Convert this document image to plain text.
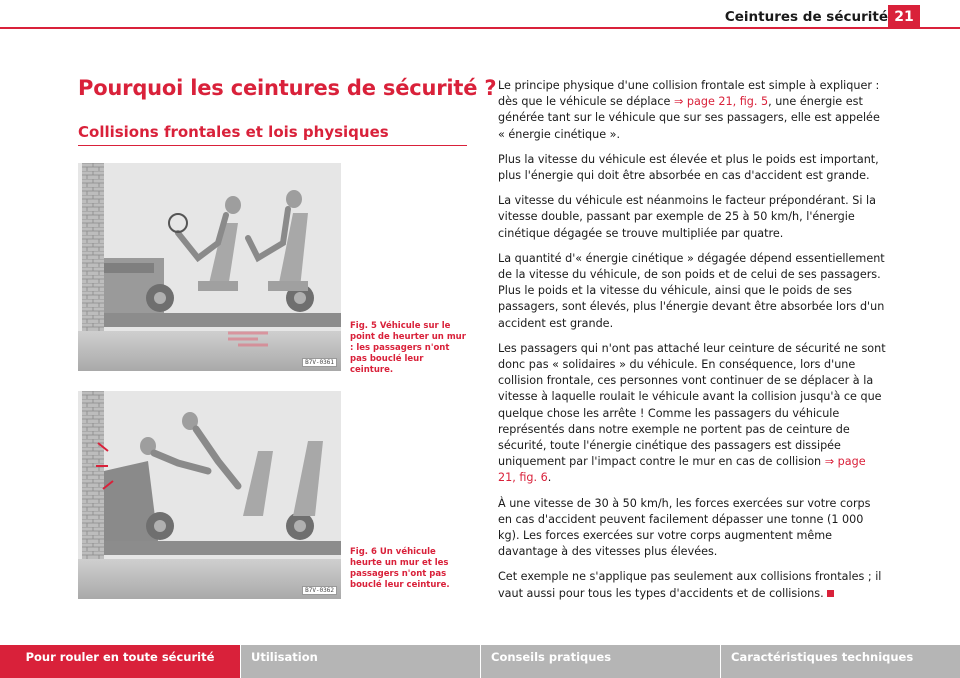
Ceintures de sécurité 21
Pourquoi les ceintures de sécurité ?
Collisions frontales et lois physiques
B7V-0361
Fig. 5 Véhicule sur le point de heurter un mur : les passagers n'ont pas bouclé leur ceinture.
B7V-0362
Fig. 6 Un véhicule heurte un mur et les passagers n'ont pas bouclé leur ceinture.

Le principe physique d'une collision frontale est simple à expliquer : dès que le véhicule se déplace ⇒ page 21, fig. 5, une énergie est générée tant sur le véhicule que sur ses passagers, elle est appelée « énergie cinétique ».

Plus la vitesse du véhicule est élevée et plus le poids est important, plus l'énergie qui doit être absorbée en cas d'accident est grande.

La vitesse du véhicule est néanmoins le facteur prépondérant. Si la vitesse double, passant par exemple de 25 à 50 km/h, l'énergie cinétique dégagée se trouve multipliée par quatre.

La quantité d'« énergie cinétique » dégagée dépend essentiellement de la vitesse du véhicule, de son poids et de celui de ses passagers. Plus le poids et la vitesse du véhicule, ainsi que le poids de ses passagers, sont élevés, plus l'énergie devant être absorbée lors d'un accident est grande.

Les passagers qui n'ont pas attaché leur ceinture de sécurité ne sont donc pas « solidaires » du véhicule. En conséquence, lors d'une collision frontale, ces personnes vont continuer de se déplacer à la vitesse à laquelle roulait le véhicule avant la collision jusqu'à ce que quelque chose les arrête ! Comme les passagers du véhicule représentés dans notre exemple ne portent pas de ceinture de sécurité, toute l'énergie cinétique des passagers est dissipée uniquement par l'impact contre le mur en cas de collision ⇒ page 21, fig. 6.

À une vitesse de 30 à 50 km/h, les forces exercées sur votre corps en cas d'accident peuvent facilement dépasser une tonne (1 000 kg). Les forces exercées sur votre corps augmentent même davantage à des vitesses plus élevées.

Cet exemple ne s'applique pas seulement aux collisions frontales ; il vaut aussi pour tous les types d'accidents et de collisions.

Pour rouler en toute sécurité	Utilisation	Conseils pratiques	Caractéristiques techniques
